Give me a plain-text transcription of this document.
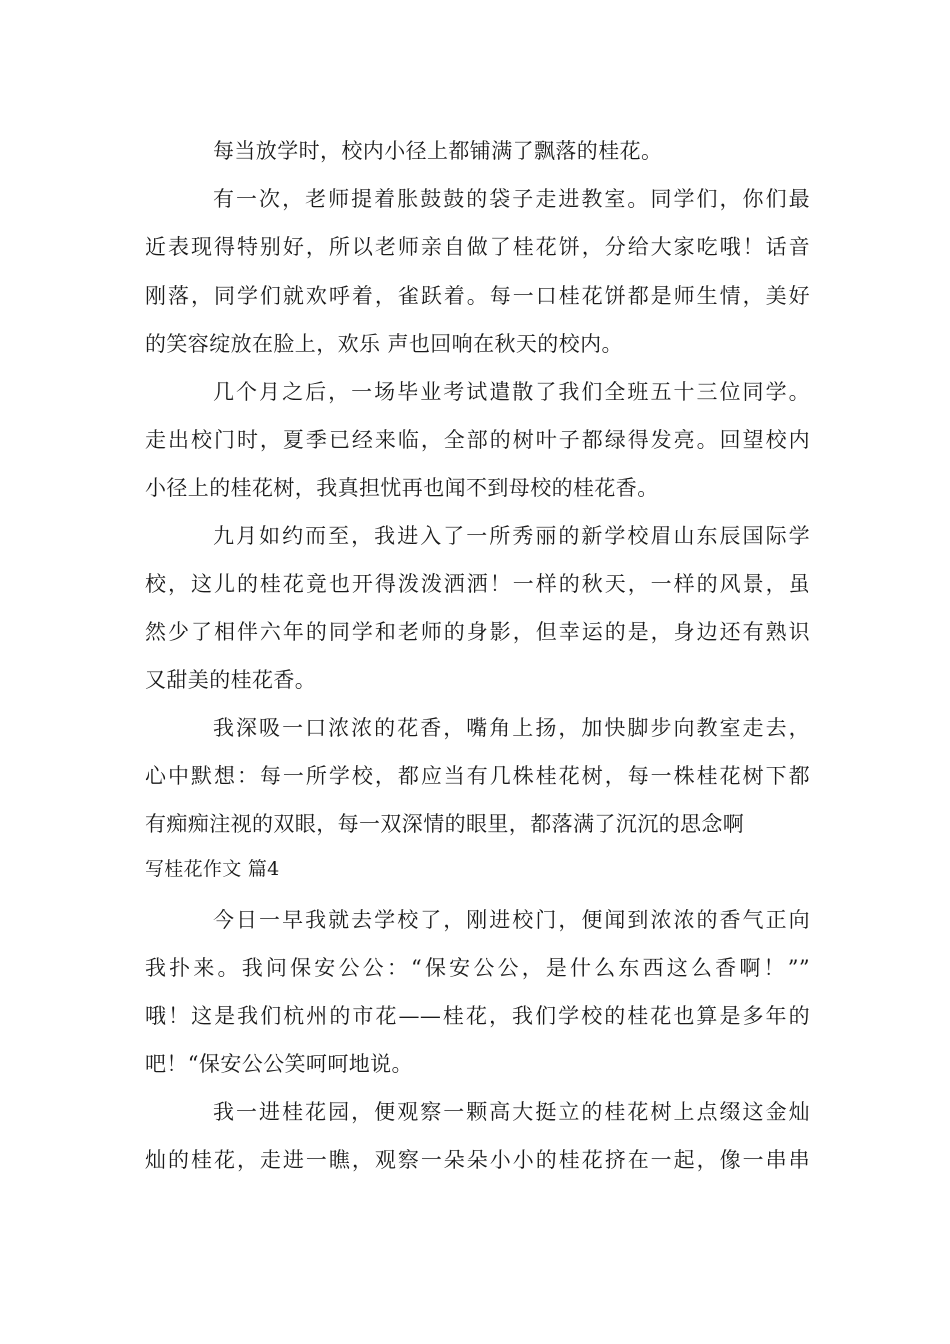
每当放学时，校内小径上都铺满了飘落的桂花。
有一次，老师提着胀鼓鼓的袋子走进教室。同学们，你们最
近表现得特别好，所以老师亲自做了桂花饼，分给大家吃哦！话音
刚落，同学们就欢呼着，雀跃着。每一口桂花饼都是师生情，美好
的笑容绽放在脸上，欢乐 声也回响在秋天的校内。
几个月之后，一场毕业考试遣散了我们全班五十三位同学。
走出校门时，夏季已经来临，全部的树叶子都绿得发亮。回望校内
小径上的桂花树，我真担忧再也闻不到母校的桂花香。
九月如约而至，我进入了一所秀丽的新学校眉山东辰国际学
校，这儿的桂花竟也开得泼泼洒洒！一样的秋天，一样的风景，虽
然少了相伴六年的同学和老师的身影，但幸运的是，身边还有熟识
又甜美的桂花香。
我深吸一口浓浓的花香，嘴角上扬，加快脚步向教室走去，
心中默想：每一所学校，都应当有几株桂花树，每一株桂花树下都
有痴痴注视的双眼，每一双深情的眼里，都落满了沉沉的思念啊
写桂花作文 篇4
今日一早我就去学校了，刚进校门，便闻到浓浓的香气正向
我扑来。我问保安公公：“保安公公，是什么东西这么香啊！””
哦！这是我们杭州的市花——桂花，我们学校的桂花也算是多年的
吧！“保安公公笑呵呵地说。
我一进桂花园，便观察一颗高大挺立的桂花树上点缀这金灿
灿的桂花，走进一瞧，观察一朵朵小小的桂花挤在一起，像一串串
